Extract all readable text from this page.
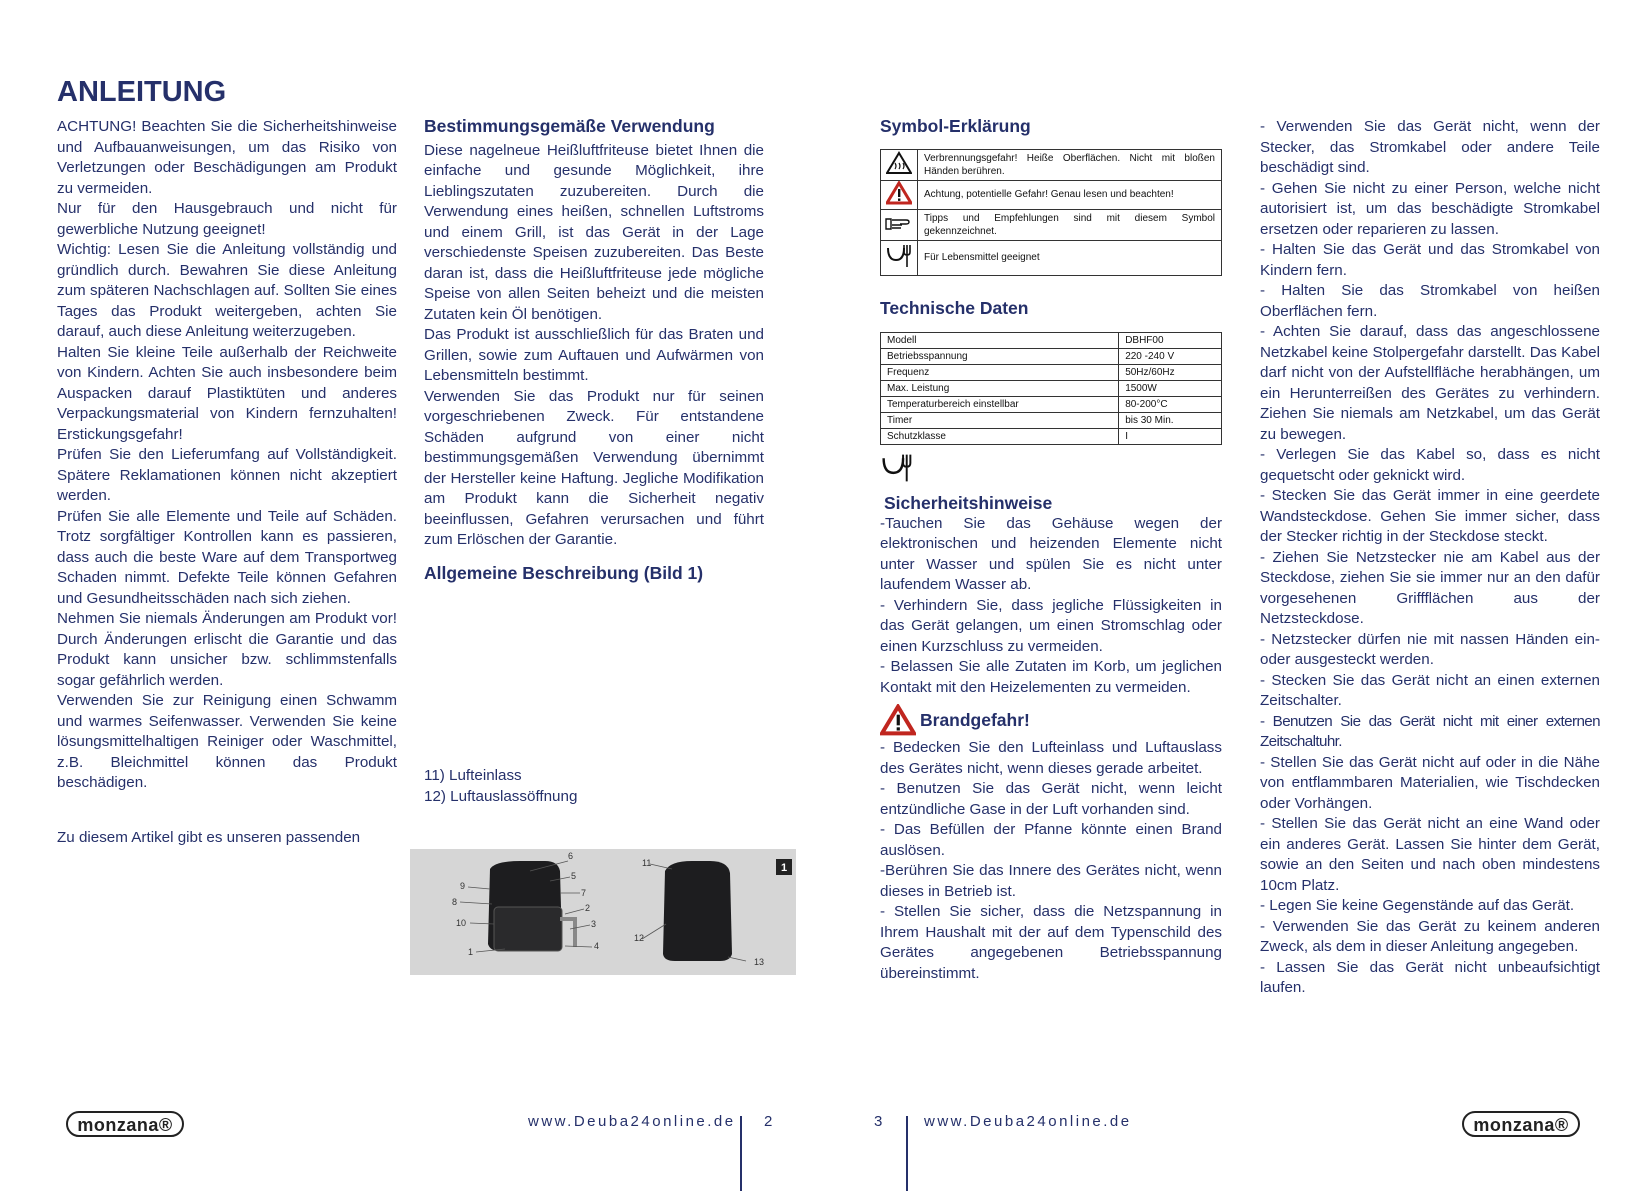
ANLEITUNG

ACHTUNG! Beachten Sie die Sicherheitshinweise und Aufbauanweisungen, um das Risiko von Verletzungen oder Beschädigungen am Produkt zu vermeiden.

Nur für den Hausgebrauch und nicht für gewerbliche Nutzung geeignet!

Wichtig: Lesen Sie die Anleitung vollständig und gründlich durch. Bewahren Sie diese Anleitung zum späteren Nachschlagen auf. Sollten Sie eines Tages das Produkt weitergeben, achten Sie darauf, auch diese Anleitung weiterzugeben.

Halten Sie kleine Teile außerhalb der Reichweite von Kindern. Achten Sie auch insbesondere beim Auspacken darauf Plastiktüten und anderes Verpackungsmaterial von Kindern fernzuhalten! Erstickungsgefahr!

Prüfen Sie den Lieferumfang auf Vollständigkeit. Spätere Reklamationen können nicht akzeptiert werden.

Prüfen Sie alle Elemente und Teile auf Schäden. Trotz sorgfältiger Kontrollen kann es passieren, dass auch die beste Ware auf dem Transportweg Schaden nimmt. Defekte Teile können Gefahren und Gesundheitsschäden nach sich ziehen.

Nehmen Sie niemals Änderungen am Produkt vor! Durch Änderungen erlischt die Garantie und das Produkt kann unsicher bzw. schlimmstenfalls sogar gefährlich werden.

Verwenden Sie zur Reinigung einen Schwamm und warmes Seifenwasser. Verwenden Sie keine lösungsmittelhaltigen Reiniger oder Waschmittel, z.B. Bleichmittel können das Produkt beschädigen.

Zu diesem Artikel gibt es unseren passenden

Bestimmungsgemäße Verwendung

Diese nagelneue Heißluftfriteuse bietet Ihnen die einfache und gesunde Möglichkeit, ihre Lieblingszutaten zuzubereiten. Durch die Verwendung eines heißen, schnellen Luftstroms und einem Grill, ist das Gerät in der Lage verschiedenste Speisen zuzubereiten. Das Beste daran ist, dass die Heißluftfriteuse jede mögliche Speise von allen Seiten beheizt und die meisten Zutaten kein Öl benötigen.

Das Produkt ist ausschließlich für das Braten und Grillen, sowie zum Auftauen und Aufwärmen von Lebensmitteln bestimmt.

Verwenden Sie das Produkt nur für seinen vorgeschriebenen Zweck. Für entstandene Schäden aufgrund von einer nicht bestimmungsgemäßen Verwendung übernimmt der Hersteller keine Haftung. Jegliche Modifikation am Produkt kann die Sicherheit negativ beeinflussen, Gefahren verursachen und führt zum Erlöschen der Garantie.

Allgemeine Beschreibung (Bild 1)

11) Lufteinlass

12) Luftauslassöffnung

6
5
7
9
8
2
10	3
1
4
11
12
13
1
Symbol-Erklärung
	Verbrennungsgefahr! Heiße Oberflächen. Nicht mit bloßen Händen berühren.
	Achtung, potentielle Gefahr! Genau lesen und beachten!
	Tipps und Empfehlungen sind mit diesem Symbol gekennzeichnet.
	Für Lebensmittel geeignet
Technische Daten
Modell	DBHF00
Betriebsspannung	220 -240 V
Frequenz	50Hz/60Hz
Max. Leistung	1500W
Temperaturbereich einstellbar	80-200°C
Timer	bis 30 Min.
Schutzklasse	I
Sicherheitshinweise

-Tauchen Sie das Gehäuse wegen der elektronischen und heizenden Elemente nicht unter Wasser und spülen Sie es nicht unter laufendem Wasser ab.

- Verhindern Sie, dass jegliche Flüssigkeiten in das Gerät gelangen, um einen Stromschlag oder einen Kurzschluss zu vermeiden.

- Belassen Sie alle Zutaten im Korb, um jeglichen Kontakt mit den Heizelementen zu vermeiden.

Brandgefahr!

- Bedecken Sie den Lufteinlass und Luftauslass des Gerätes nicht, wenn dieses gerade arbeitet.

- Benutzen Sie das Gerät nicht, wenn leicht entzündliche Gase in der Luft vorhanden sind.

- Das Befüllen der Pfanne könnte einen Brand auslösen.

-Berühren Sie das Innere des Gerätes nicht, wenn dieses in Betrieb ist.

- Stellen Sie sicher, dass die Netzspannung in Ihrem Haushalt mit der auf dem Typenschild des Gerätes angegebenen Betriebsspannung übereinstimmt.

- Verwenden Sie das Gerät nicht, wenn der Stecker, das Stromkabel oder andere Teile beschädigt sind.

- Gehen Sie nicht zu einer Person, welche nicht autorisiert ist, um das beschädigte Stromkabel ersetzen oder reparieren zu lassen.

- Halten Sie das Gerät und das Stromkabel von Kindern fern.

- Halten Sie das Stromkabel von heißen Oberflächen fern.

- Achten Sie darauf, dass das angeschlossene Netzkabel keine Stolpergefahr darstellt. Das Kabel darf nicht von der Aufstellfläche herabhängen, um ein Herunterreißen des Gerätes zu verhindern. Ziehen Sie niemals am Netzkabel, um das Gerät zu bewegen.

- Verlegen Sie das Kabel so, dass es nicht gequetscht oder geknickt wird.

- Stecken Sie das Gerät immer in eine geerdete Wandsteckdose. Gehen Sie immer sicher, dass der Stecker richtig in der Steckdose steckt.

- Ziehen Sie Netzstecker nie am Kabel aus der Steckdose, ziehen Sie sie immer nur an den dafür vorgesehenen Griffflächen aus der Netzsteckdose.

- Netzstecker dürfen nie mit nassen Händen ein- oder ausgesteckt werden.

- Stecken Sie das Gerät nicht an einen externen Zeitschalter.

- Benutzen Sie das Gerät nicht mit einer externen Zeitschaltuhr.

- Stellen Sie das Gerät nicht auf oder in die Nähe von entflammbaren Materialien, wie Tischdecken oder Vorhängen.

- Stellen Sie das Gerät nicht an eine Wand oder ein anderes Gerät. Lassen Sie hinter dem Gerät, sowie an den Seiten und nach oben mindestens 10cm Platz.

- Legen Sie keine Gegenstände auf das Gerät.

- Verwenden Sie das Gerät zu keinem anderen Zweck, als dem in dieser Anleitung angegeben.

- Lassen Sie das Gerät nicht unbeaufsichtigt laufen.

monzana®	www.Deuba24online.de 2	3	www.Deuba24online.de	monzana®
